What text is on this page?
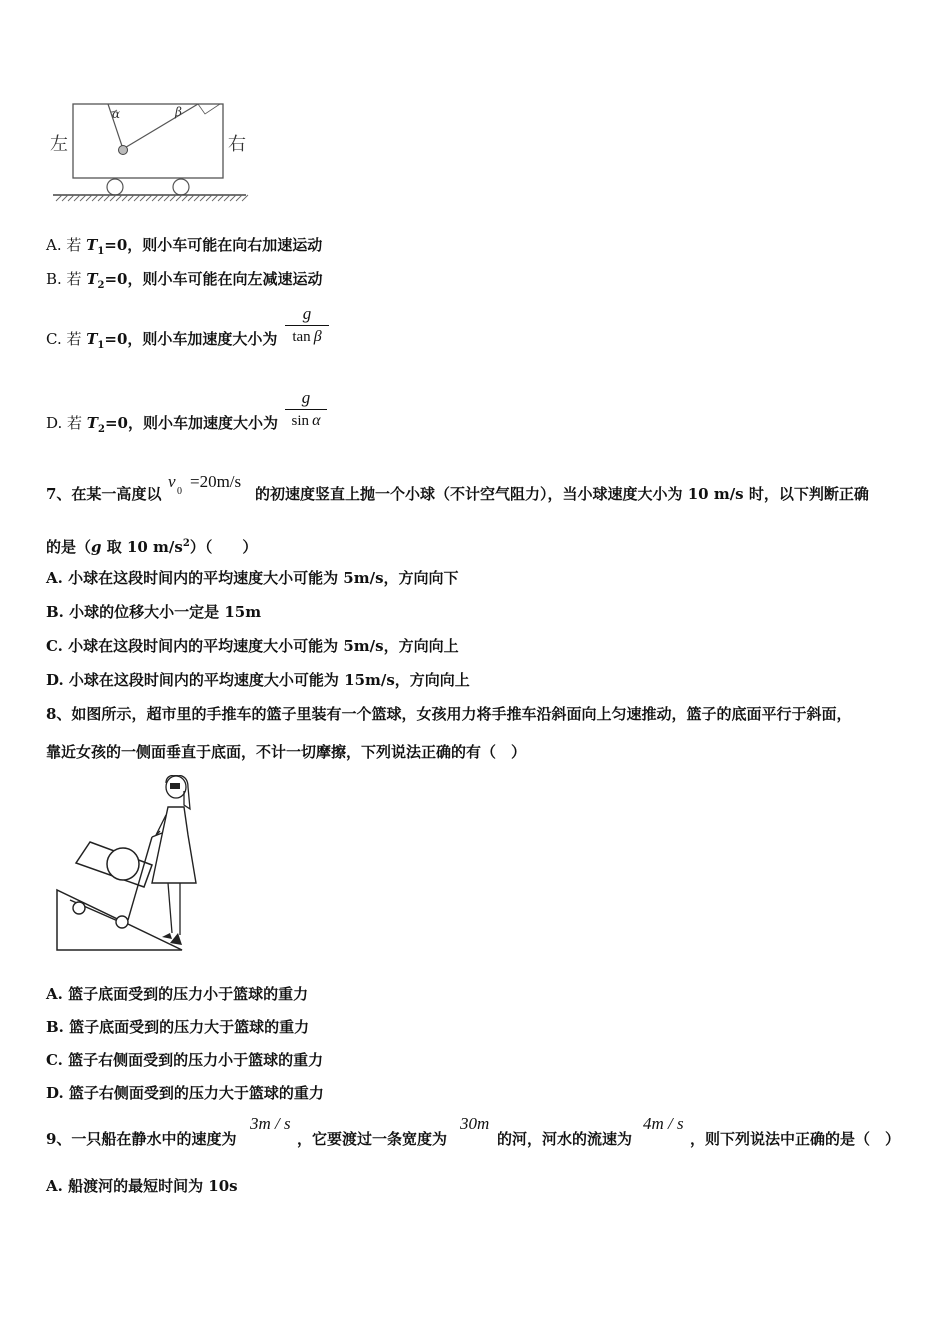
α	β
左	右
A. 若 $T_1=0$，则小车可能在向右加速运动
B. 若 $T_2=0$，则小车可能在向左减速运动
C. 若 $T_1=0$，则小车加速度大小为
g
tan  β
D. 若 $T_2=0$，则小车加速度大小为
g
sin  α
7、在某一高度以
v
0
=20m/s
的初速度竖直上抛一个小球（不计空气阻力），当小球速度大小为 10 m/s 时，以下判断正确
的是（g 取 10 $m/s^2$）（　　）
A. 小球在这段时间内的平均速度大小可能为 5m/s，方向向下
B. 小球的位移大小一定是 15m
C. 小球在这段时间内的平均速度大小可能为 5m/s，方向向上
D. 小球在这段时间内的平均速度大小可能为 15m/s，方向向上
8、如图所示，超市里的手推车的篮子里装有一个篮球，女孩用力将手推车沿斜面向上匀速推动，篮子的底面平行于斜面，
靠近女孩的一侧面垂直于底面，不计一切摩擦，下列说法正确的有（　）
A. 篮子底面受到的压力小于篮球的重力
B. 篮子底面受到的压力大于篮球的重力
C. 篮子右侧面受到的压力小于篮球的重力
D. 篮子右侧面受到的压力大于篮球的重力
9、一只船在静水中的速度为
3m / s
，它要渡过一条宽度为
30m
的河，河水的流速为
4m / s
，则下列说法中正确的是（　）
A. 船渡河的最短时间为 10s
